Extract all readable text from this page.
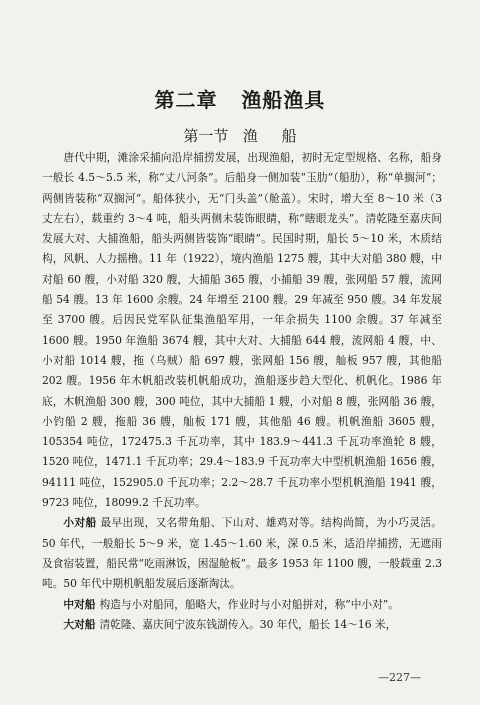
第二章   渔船渔具
第一节   渔     船

唐代中期，滩涂采捕向沿岸捕捞发展，出现渔船，初时无定型规格、名称，船身一般长 4.5～5.5 米，称“丈八河条”。后船身一侧加装“玉肋”（船肋），称“单搁河”；两侧皆装称“双搁河”。船体狭小，无“门头盖”（舱盖）。宋时，增大至 8～10 米（3 丈左右），载重约 3～4 吨，船头两侧未装饰眼睛，称“瞎眼龙头”。清乾隆至嘉庆间发展大对、大捕渔船，船头两侧皆装饰“眼睛”。民国时期，船长 5～10 米，木质结构，风帆、人力摇橹。11 年（1922），境内渔船 1275 艘，其中大对船 380 艘，中对船 60 艘，小对船 320 艘，大捕船 365 艘，小捕船 39 艘，张网船 57 艘，流网船 54 艘。13 年 1600 余艘。24 年增至 2100 艘。29 年减至 950 艘。34 年发展至 3700 艘。后因民党军队征集渔船军用，一年余损失 1100 余艘。37 年减至 1600 艘。1950 年渔船 3674 艘，其中大对、大捕船 644 艘，流网船 4 艘，中、小对船 1014 艘，拖（乌贼）船 697 艘，张网船 156 艘，舢板 957 艘，其他船 202 艘。1956 年木帆船改装机帆船成功，渔船逐步趋大型化、机帆化。1986 年底，木帆渔船 300 艘，300 吨位，其中大捕船 1 艘，小对船 8 艘，张网船 36 艘，小钓船 2 艘，拖船 36 艘，舢板 171 艘，其他船 46 艘。机帆渔船 3605 艘，105354 吨位，172475.3 千瓦功率，其中 183.9～441.3 千瓦功率渔轮 8 艘，1520 吨位，1471.1 千瓦功率；29.4～183.9 千瓦功率大中型机帆渔船 1656 艘，94111 吨位，152905.0 千瓦功率；2.2～28.7 千瓦功率小型机帆渔船 1941 艘，9723 吨位，18099.2 千瓦功率。

小对船 最早出现，又名带角船、下山对、雄鸡对等。结构尚简，为小巧灵活。50 年代，一般船长 5～9 米，宽 1.45～1.60 米，深 0.5 米，适沿岸捕捞，无遮雨及食宿装置，船民常“吃雨淋饭，困湿舱板”。最多 1953 年 1100 艘，一般载重 2.3 吨。50 年代中期机帆船发展后逐渐淘汰。

中对船 构造与小对船同，船略大，作业时与小对船拼对，称“中小对”。

大对船 清乾隆、嘉庆间宁波东钱湖传入。30 年代，船长 14～16 米，

—227—
